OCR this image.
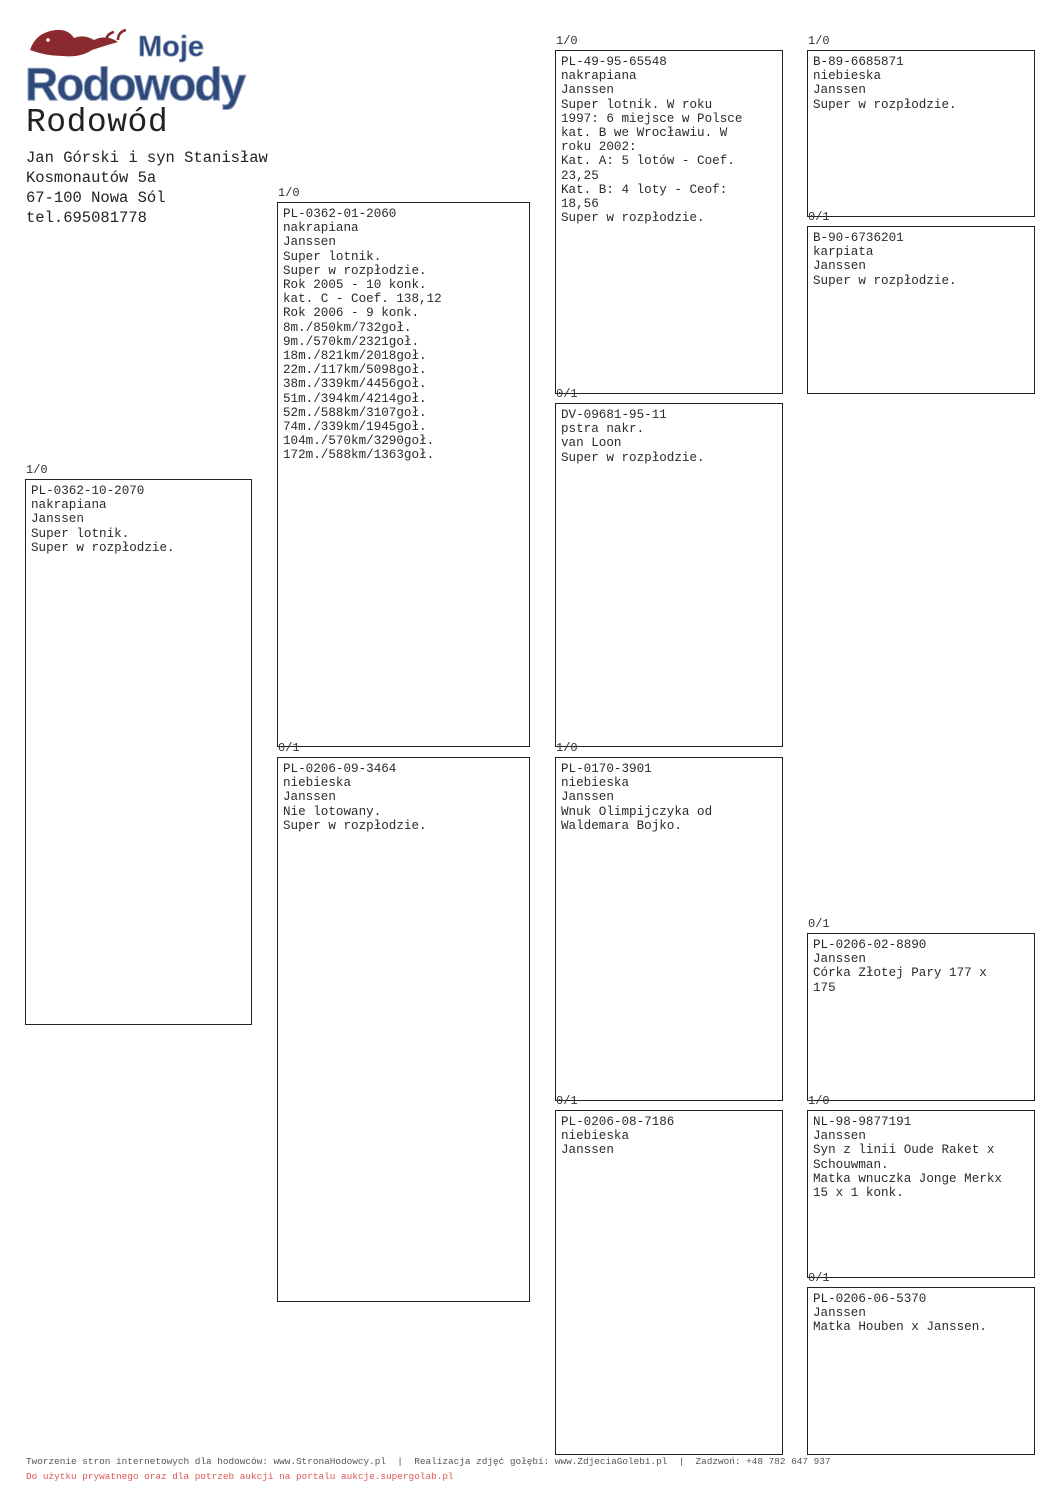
Moje
Rodowody
Rodowód
Jan Górski i syn Stanisław
Kosmonautów 5a
67-100 Nowa Sól
tel.695081778
1/0
PL-0362-10-2070
nakrapiana
Janssen
Super lotnik.
Super w rozpłodzie.
1/0
PL-0362-01-2060
nakrapiana
Janssen
Super lotnik.
Super w rozpłodzie.
Rok 2005 - 10 konk.
kat. C - Coef. 138,12
Rok 2006 - 9 konk.
8m./850km/732goł.
9m./570km/2321goł.
18m./821km/2018goł.
22m./117km/5098goł.
38m./339km/4456goł.
51m./394km/4214goł.
52m./588km/3107goł.
74m./339km/1945goł.
104m./570km/3290goł.
172m./588km/1363goł.
0/1
PL-0206-09-3464
niebieska
Janssen
Nie lotowany.
Super w rozpłodzie.
1/0
PL-49-95-65548
nakrapiana
Janssen
Super lotnik. W roku
1997: 6 miejsce w Polsce
kat. B we Wrocławiu. W
roku 2002:
Kat. A: 5 lotów - Coef.
23,25
Kat. B: 4 loty - Ceof:
18,56
Super w rozpłodzie.
0/1
DV-09681-95-11
pstra nakr.
van Loon
Super w rozpłodzie.
1/0
PL-0170-3901
niebieska
Janssen
Wnuk Olimpijczyka od
Waldemara Bojko.
0/1
PL-0206-08-7186
niebieska
Janssen
1/0
B-89-6685871
niebieska
Janssen
Super w rozpłodzie.
0/1
B-90-6736201
karpiata
Janssen
Super w rozpłodzie.
0/1
PL-0206-02-8890
Janssen
Córka Złotej Pary 177 x
175
1/0
NL-98-9877191
Janssen
Syn z linii Oude Raket x
Schouwman.
Matka wnuczka Jonge Merkx
15 x 1 konk.
0/1
PL-0206-06-5370
Janssen
Matka Houben x Janssen.
Tworzenie stron internetowych dla hodowców: www.StronaHodowcy.pl  |  Realizacja zdjęć gołębi: www.ZdjeciaGolebi.pl  |  Zadzwoń: +48 782 647 937
Do użytku prywatnego oraz dla potrzeb aukcji na portalu aukcje.supergolab.pl
